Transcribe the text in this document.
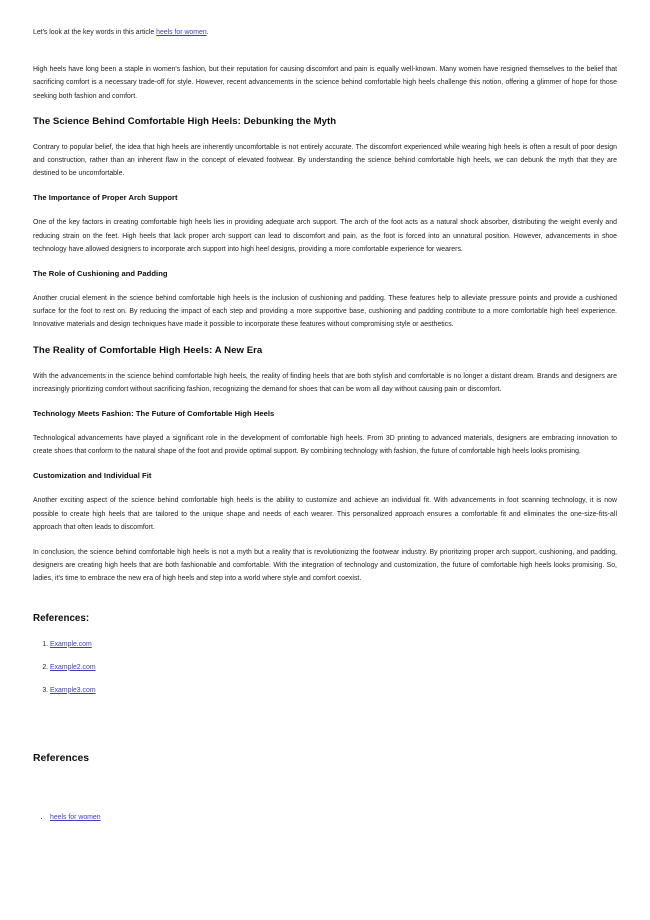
Let's look at the key words in this article heels for women.

High heels have long been a staple in women's fashion, but their reputation for causing discomfort and pain is equally well-known. Many women have resigned themselves to the belief that sacrificing comfort is a necessary trade-off for style. However, recent advancements in the science behind comfortable high heels challenge this notion, offering a glimmer of hope for those seeking both fashion and comfort.

The Science Behind Comfortable High Heels: Debunking the Myth

Contrary to popular belief, the idea that high heels are inherently uncomfortable is not entirely accurate. The discomfort experienced while wearing high heels is often a result of poor design and construction, rather than an inherent flaw in the concept of elevated footwear. By understanding the science behind comfortable high heels, we can debunk the myth that they are destined to be uncomfortable.

The Importance of Proper Arch Support

One of the key factors in creating comfortable high heels lies in providing adequate arch support. The arch of the foot acts as a natural shock absorber, distributing the weight evenly and reducing strain on the feet. High heels that lack proper arch support can lead to discomfort and pain, as the foot is forced into an unnatural position. However, advancements in shoe technology have allowed designers to incorporate arch support into high heel designs, providing a more comfortable experience for wearers.

The Role of Cushioning and Padding

Another crucial element in the science behind comfortable high heels is the inclusion of cushioning and padding. These features help to alleviate pressure points and provide a cushioned surface for the foot to rest on. By reducing the impact of each step and providing a more supportive base, cushioning and padding contribute to a more comfortable high heel experience. Innovative materials and design techniques have made it possible to incorporate these features without compromising style or aesthetics.

The Reality of Comfortable High Heels: A New Era

With the advancements in the science behind comfortable high heels, the reality of finding heels that are both stylish and comfortable is no longer a distant dream. Brands and designers are increasingly prioritizing comfort without sacrificing fashion, recognizing the demand for shoes that can be worn all day without causing pain or discomfort.

Technology Meets Fashion: The Future of Comfortable High Heels

Technological advancements have played a significant role in the development of comfortable high heels. From 3D printing to advanced materials, designers are embracing innovation to create shoes that conform to the natural shape of the foot and provide optimal support. By combining technology with fashion, the future of comfortable high heels looks promising.

Customization and Individual Fit

Another exciting aspect of the science behind comfortable high heels is the ability to customize and achieve an individual fit. With advancements in foot scanning technology, it is now possible to create high heels that are tailored to the unique shape and needs of each wearer. This personalized approach ensures a comfortable fit and eliminates the one-size-fits-all approach that often leads to discomfort.

In conclusion, the science behind comfortable high heels is not a myth but a reality that is revolutionizing the footwear industry. By prioritizing proper arch support, cushioning, and padding, designers are creating high heels that are both fashionable and comfortable. With the integration of technology and customization, the future of comfortable high heels looks promising. So, ladies, it's time to embrace the new era of high heels and step into a world where style and comfort coexist.

References:
1. Example.com
2. Example2.com
3. Example3.com
References
• heels for women
